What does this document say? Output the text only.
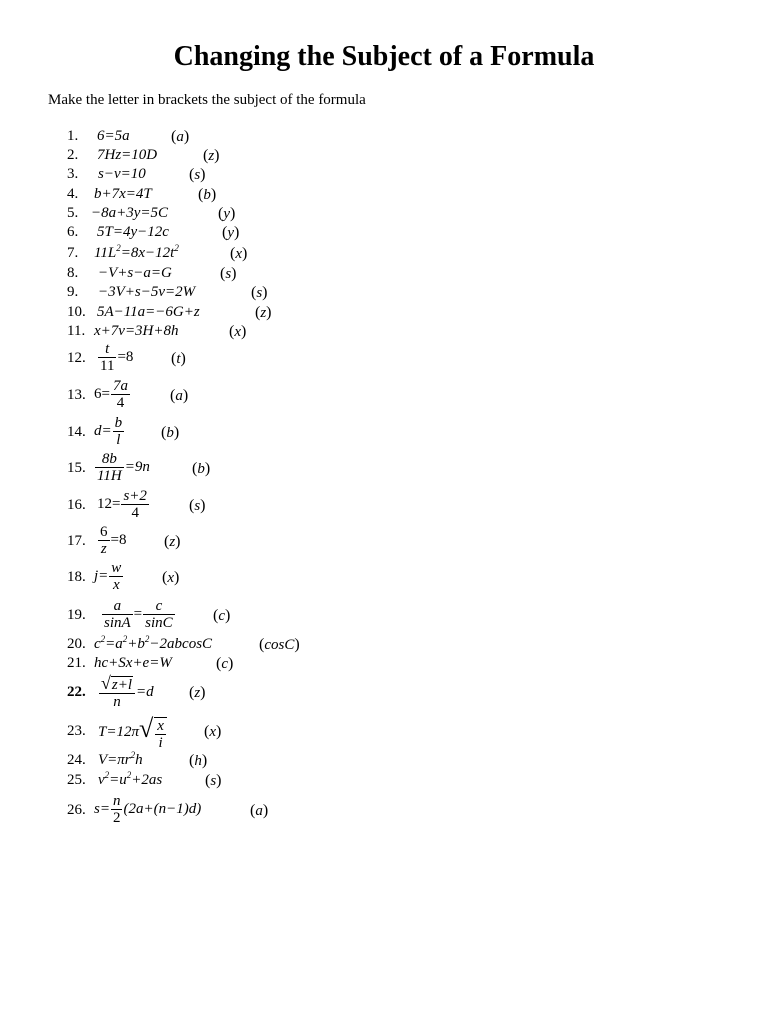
Changing the Subject of a Formula

Make the letter in brackets the subject of the formula

1.	6=5a	(a)
2.	7Hz=10D	(z)
3.	s−v=10	(s)
4.	b+7x=4T	(b)
5. −8a+3y=5C	(y)
6.	5T=4y−12c	(y)
7.	$11L^2=8x-12t^2$	(x)
8.	−V+s−a=G	(s)
9.	−3V+s−5v=2W	(s)
10. 5A−11a=−6G+z	(z)
11. x+7v=3H+8h	(x)
12. $\frac{t}{11} =8$ (t)
13. $6= \frac{7a}{4}$	(a)
14. $d= \frac{b}{l} (b)$
15. $\frac{8b}{11H} =9n$	(b)
16. $12= \frac{s+2}{4}$	(s)
17. $\frac{6}{z} =8$ (z)
18. $j= \frac{w}{x} (x)$
19.	$\frac{a}{\sin A} = \frac{c}{\sin C} (c)$
20. $c^2=a^2+b^2-2abcosC$	(cosC)
21. hc+Sx+e=W	(c)
22. $\frac{√z+l}{n} =d$ (z)
23. $T=12\pi√ \frac{x}{i} (x)$
24. $V=\pi r^2h$	(h)
25. $v^2=u^2+2as$	(s)
26. $s= \frac{n}{2} (2a+(n-1)d)$	(a)
